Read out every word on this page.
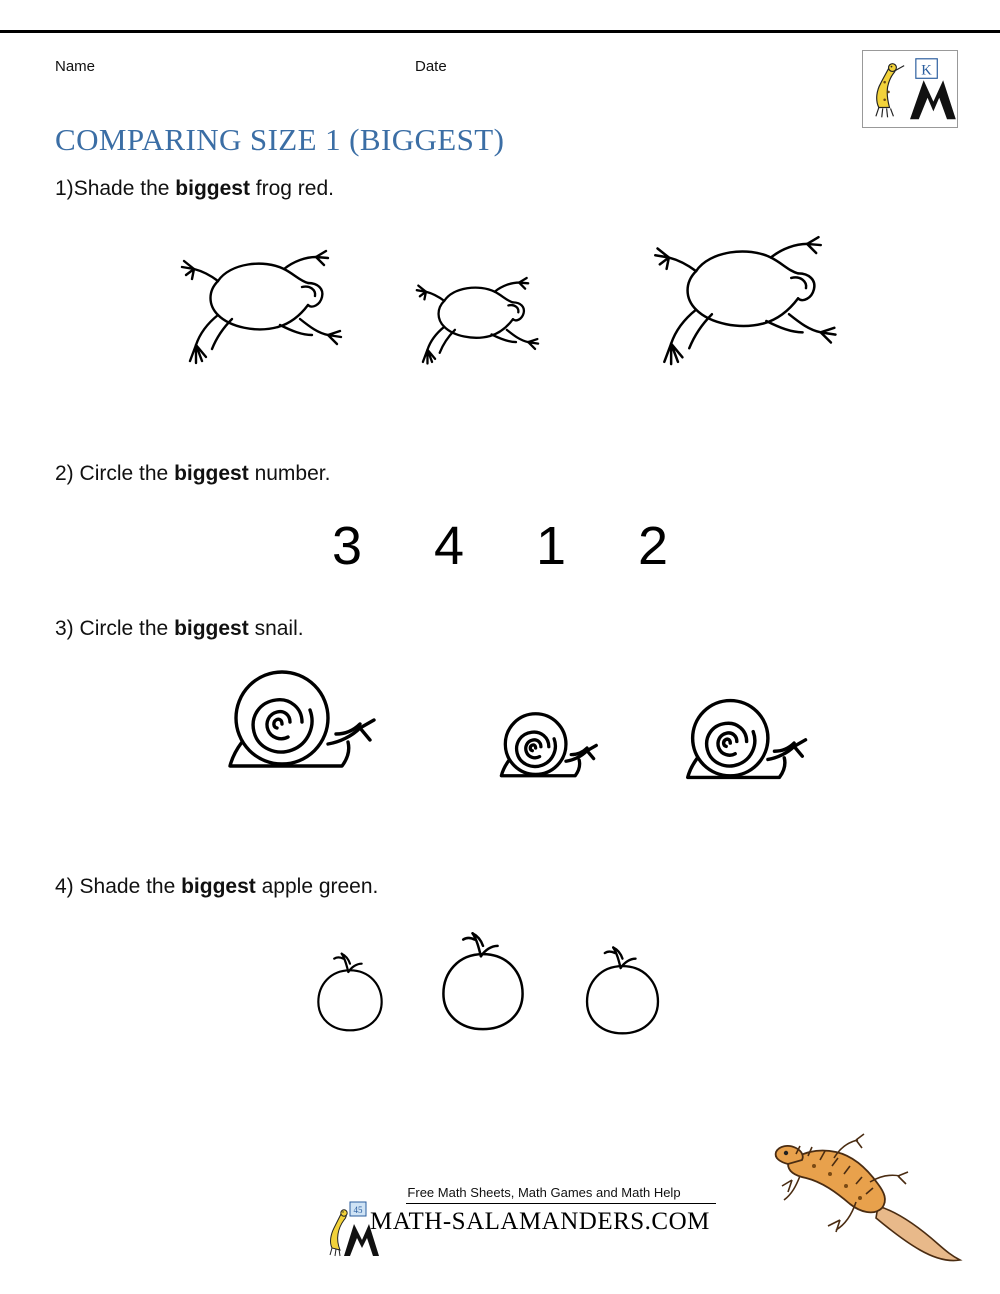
Name	Date	K
COMPARING SIZE 1 (BIGGEST)
1)Shade the biggest frog red.
2) Circle the biggest number.
3 4 1 2
3) Circle the biggest snail.
4) Shade the biggest apple green.
45
Free Math Sheets, Math Games and Math Help
MATH-SALAMANDERS.COM
